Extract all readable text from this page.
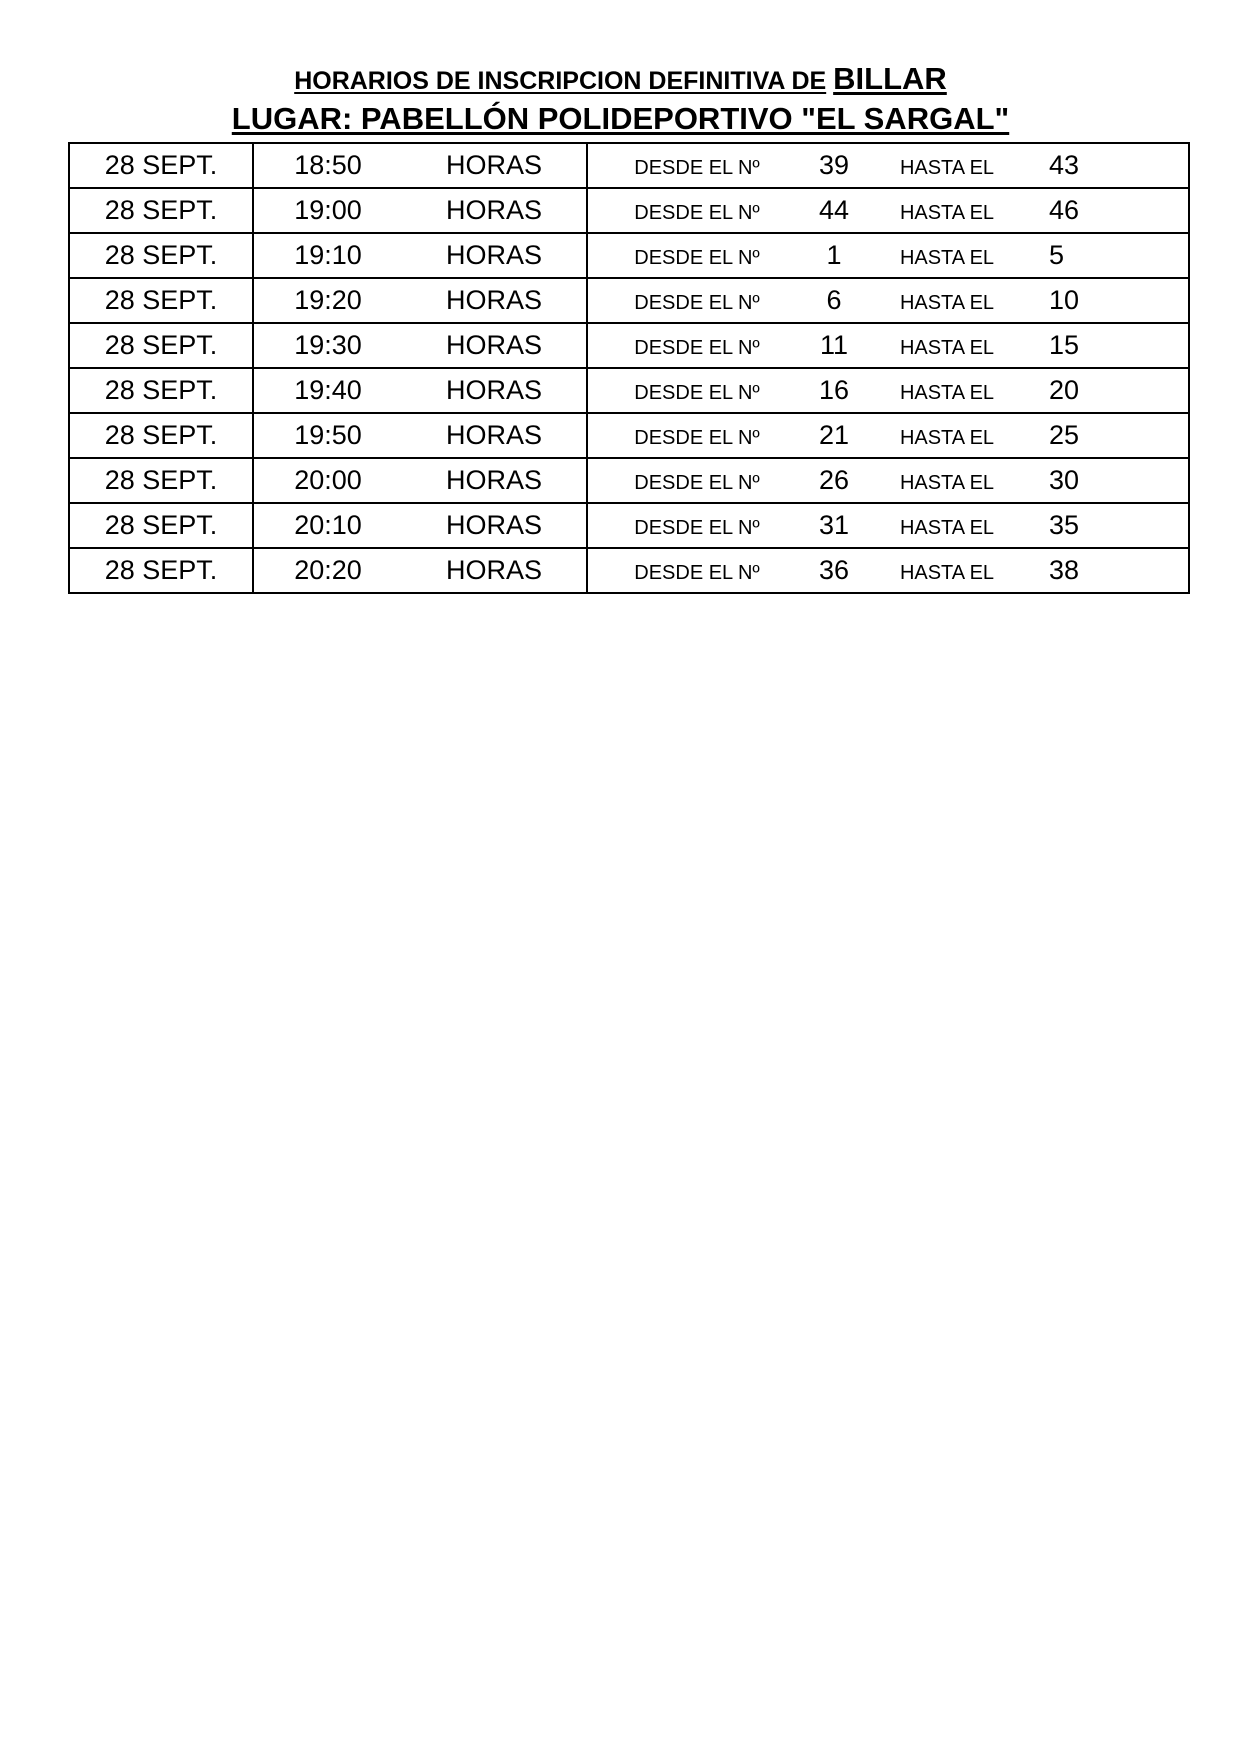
HORARIOS DE INSCRIPCION DEFINITIVA DE BILLAR
LUGAR: PABELLÓN POLIDEPORTIVO "EL SARGAL"
28 SEPT.	18:50	HORAS	DESDE EL Nº	39	HASTA EL	43
28 SEPT.	19:00	HORAS	DESDE EL Nº	44	HASTA EL	46
28 SEPT.	19:10	HORAS	DESDE EL Nº	1	HASTA EL	5
28 SEPT.	19:20	HORAS	DESDE EL Nº	6	HASTA EL	10
28 SEPT.	19:30	HORAS	DESDE EL Nº	11	HASTA EL	15
28 SEPT.	19:40	HORAS	DESDE EL Nº	16	HASTA EL	20
28 SEPT.	19:50	HORAS	DESDE EL Nº	21	HASTA EL	25
28 SEPT.	20:00	HORAS	DESDE EL Nº	26	HASTA EL	30
28 SEPT.	20:10	HORAS	DESDE EL Nº	31	HASTA EL	35
28 SEPT.	20:20	HORAS	DESDE EL Nº	36	HASTA EL	38
